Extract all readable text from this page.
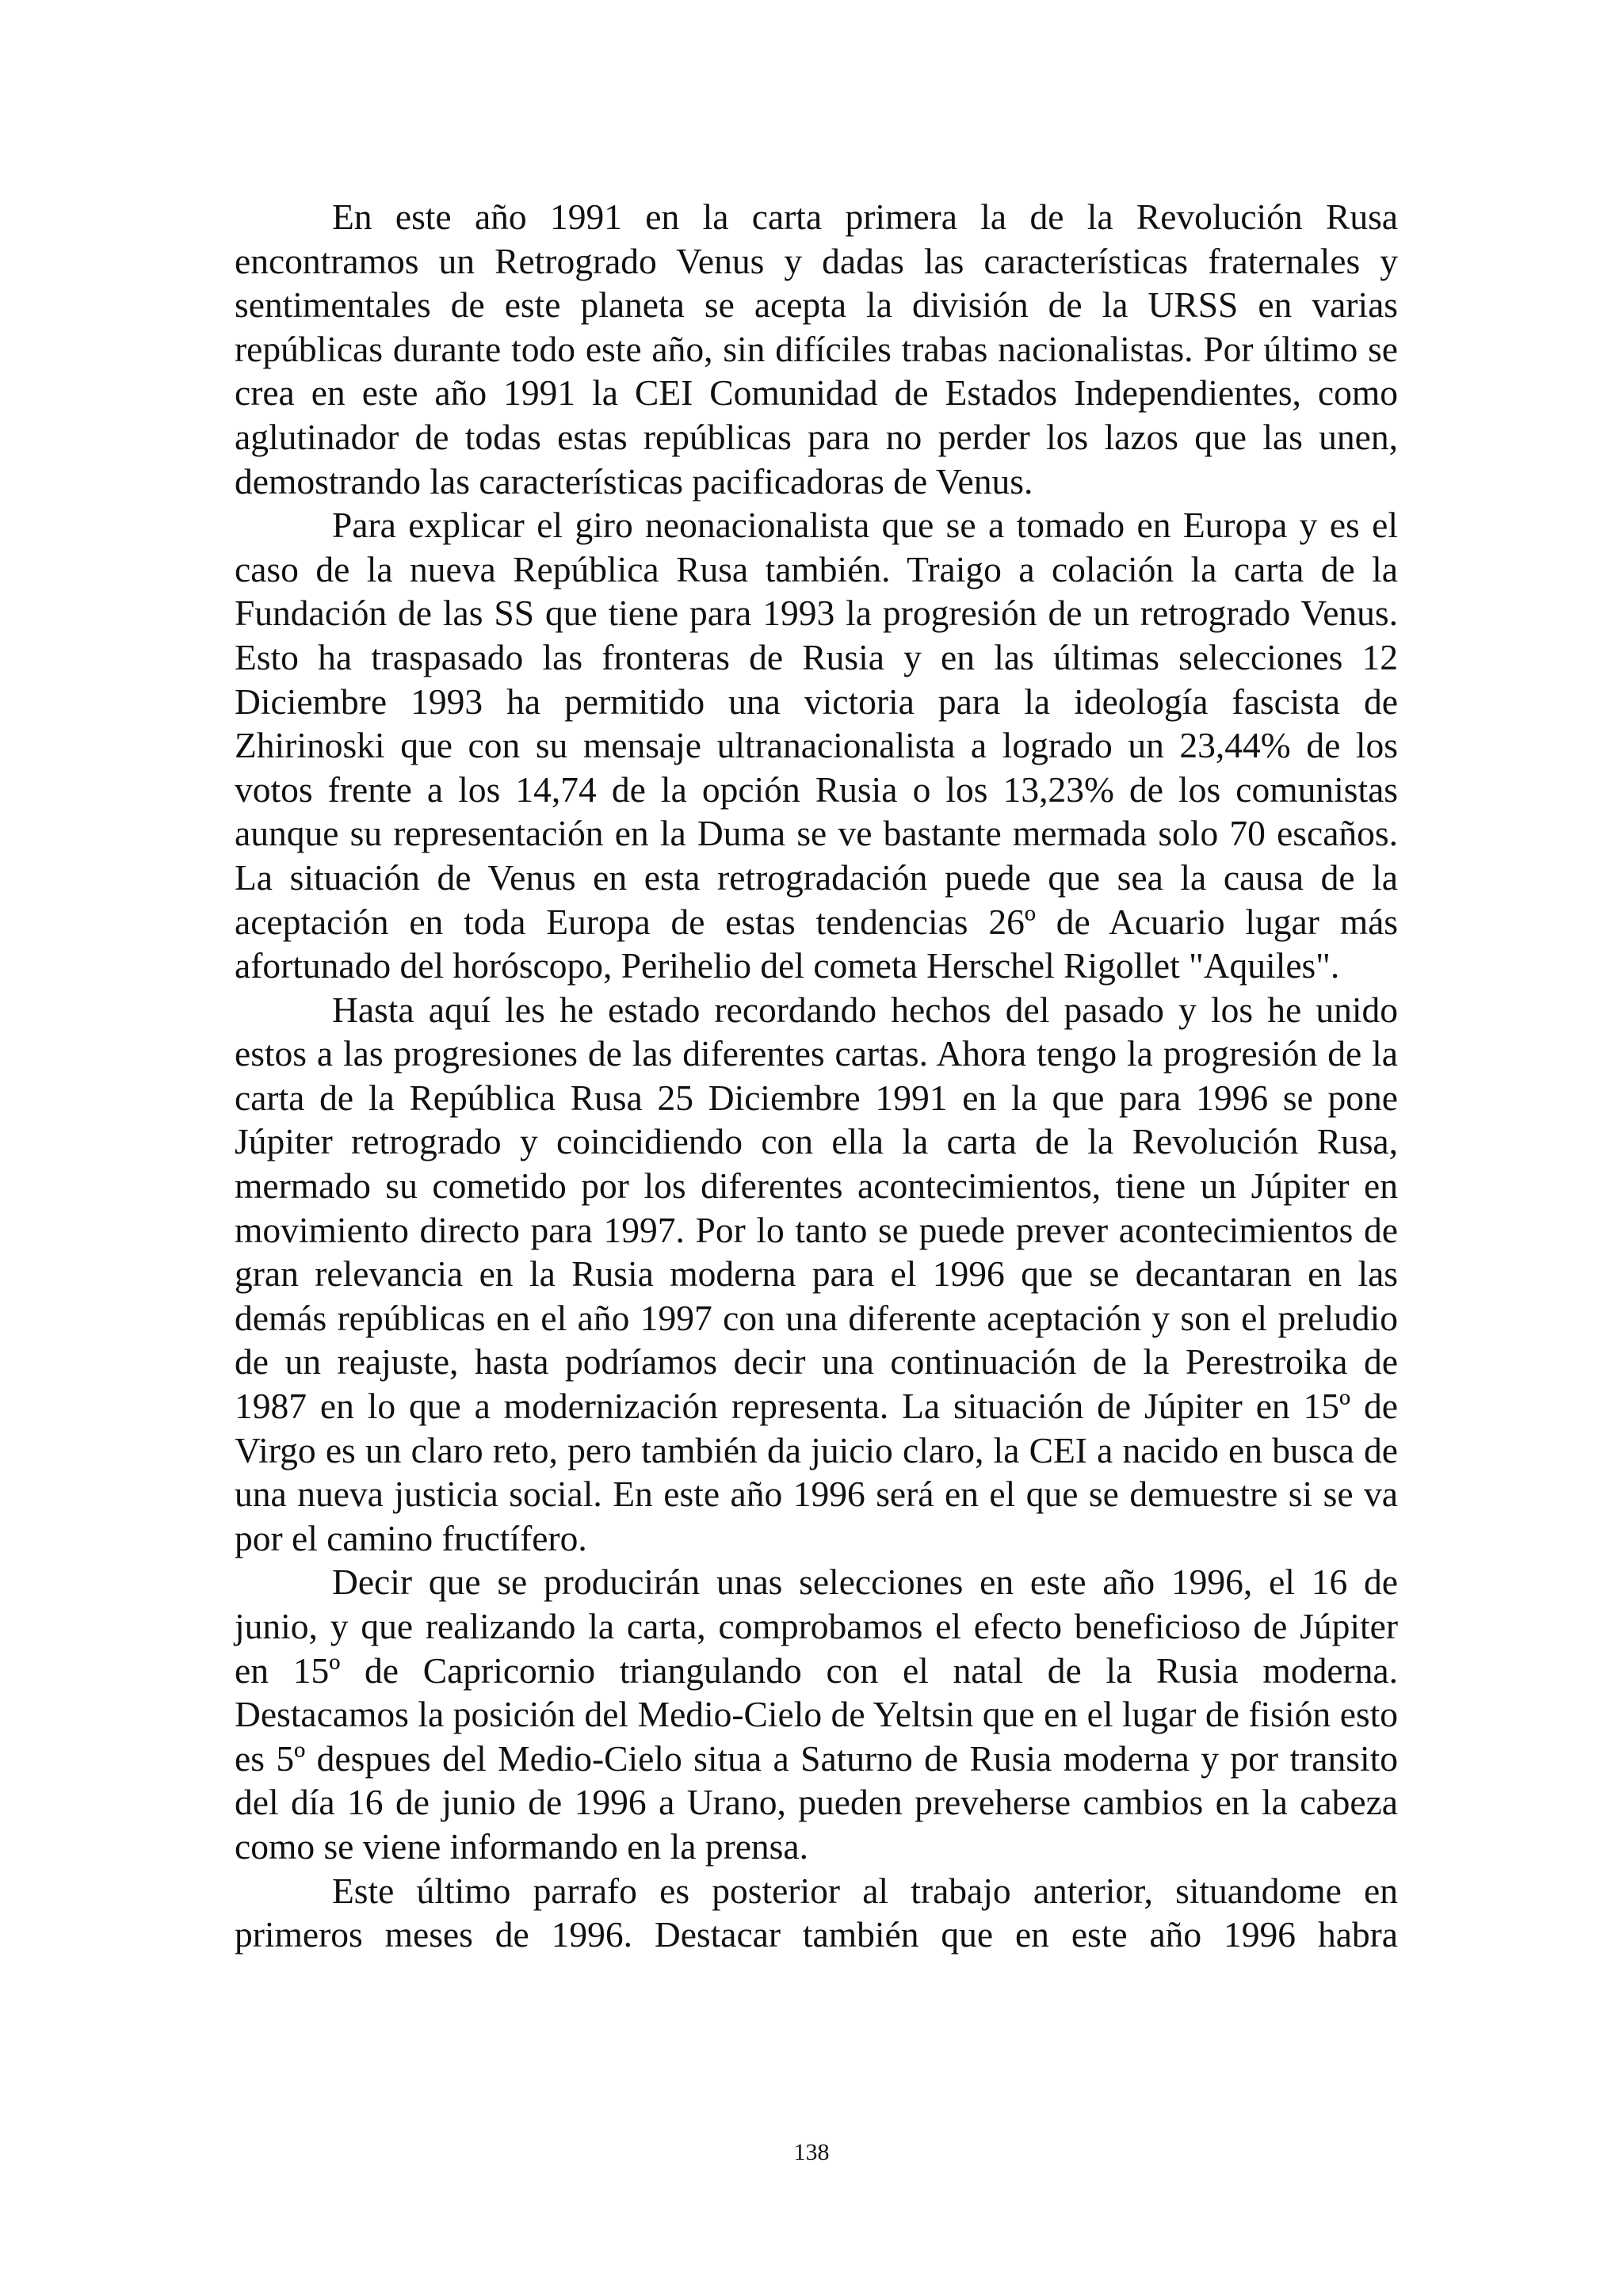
En este año 1991 en la carta primera la de la Revolución Rusa encontramos un Retrogrado Venus y dadas las características fraternales y sentimentales de este planeta se acepta la división de la URSS en varias repúblicas durante todo este año, sin difíciles trabas nacionalistas. Por último se crea en este año 1991 la CEI Comunidad de Estados Independientes, como aglutinador de todas estas repúblicas para no perder los lazos que las unen, demostrando las características pacificadoras de Venus.

Para explicar el giro neonacionalista que se a tomado en Europa y es el caso de la nueva República Rusa también. Traigo a colación la carta de la Fundación de las SS que tiene para 1993 la progresión de un retrogrado Venus. Esto ha traspasado las fronteras de Rusia y en las últimas selecciones 12 Diciembre 1993 ha permitido una victoria para la ideología fascista de Zhirinoski que con su mensaje ultranacionalista a logrado un 23,44% de los votos frente a los 14,74 de la opción Rusia o los 13,23% de los comunistas aunque su representación en la Duma se ve bastante mermada solo 70 escaños. La situación de Venus en esta retrogradación puede que sea la causa de la aceptación en toda Europa de estas tendencias 26º de Acuario lugar más afortunado del horóscopo, Perihelio del cometa Herschel Rigollet "Aquiles".

Hasta aquí les he estado recordando hechos del pasado y los he unido estos a las progresiones de las diferentes cartas. Ahora tengo la progresión de la carta de la República Rusa 25 Diciembre 1991 en la que para 1996 se pone Júpiter retrogrado y coincidiendo con ella la carta de la Revolución Rusa, mermado su cometido por los diferentes acontecimientos, tiene un Júpiter en movimiento directo para 1997. Por lo tanto se puede prever acontecimientos de gran relevancia en la Rusia moderna para el 1996 que se decantaran en las demás repúblicas en el año 1997 con una diferente aceptación y son el preludio de un reajuste, hasta podríamos decir una continuación de la Perestroika de 1987 en lo que a modernización representa. La situación de Júpiter en 15º de Virgo es un claro reto, pero también da juicio claro, la CEI a nacido en busca de una nueva justicia social. En este año 1996 será en el que se demuestre si se va por el camino fructífero.

Decir que se producirán unas selecciones en este año 1996, el 16 de junio, y que realizando la carta, comprobamos el efecto beneficioso de Júpiter en 15º de Capricornio triangulando con el natal de la Rusia moderna. Destacamos la posición del Medio-Cielo de Yeltsin que en el lugar de fisión esto es 5º despues del Medio-Cielo situa a Saturno de Rusia moderna y por transito del día 16 de junio de 1996 a Urano, pueden preveherse cambios en la cabeza como se viene informando en la prensa.

Este último parrafo es posterior al trabajo anterior, situandome en primeros meses de 1996. Destacar también que en este año 1996 habra

138
